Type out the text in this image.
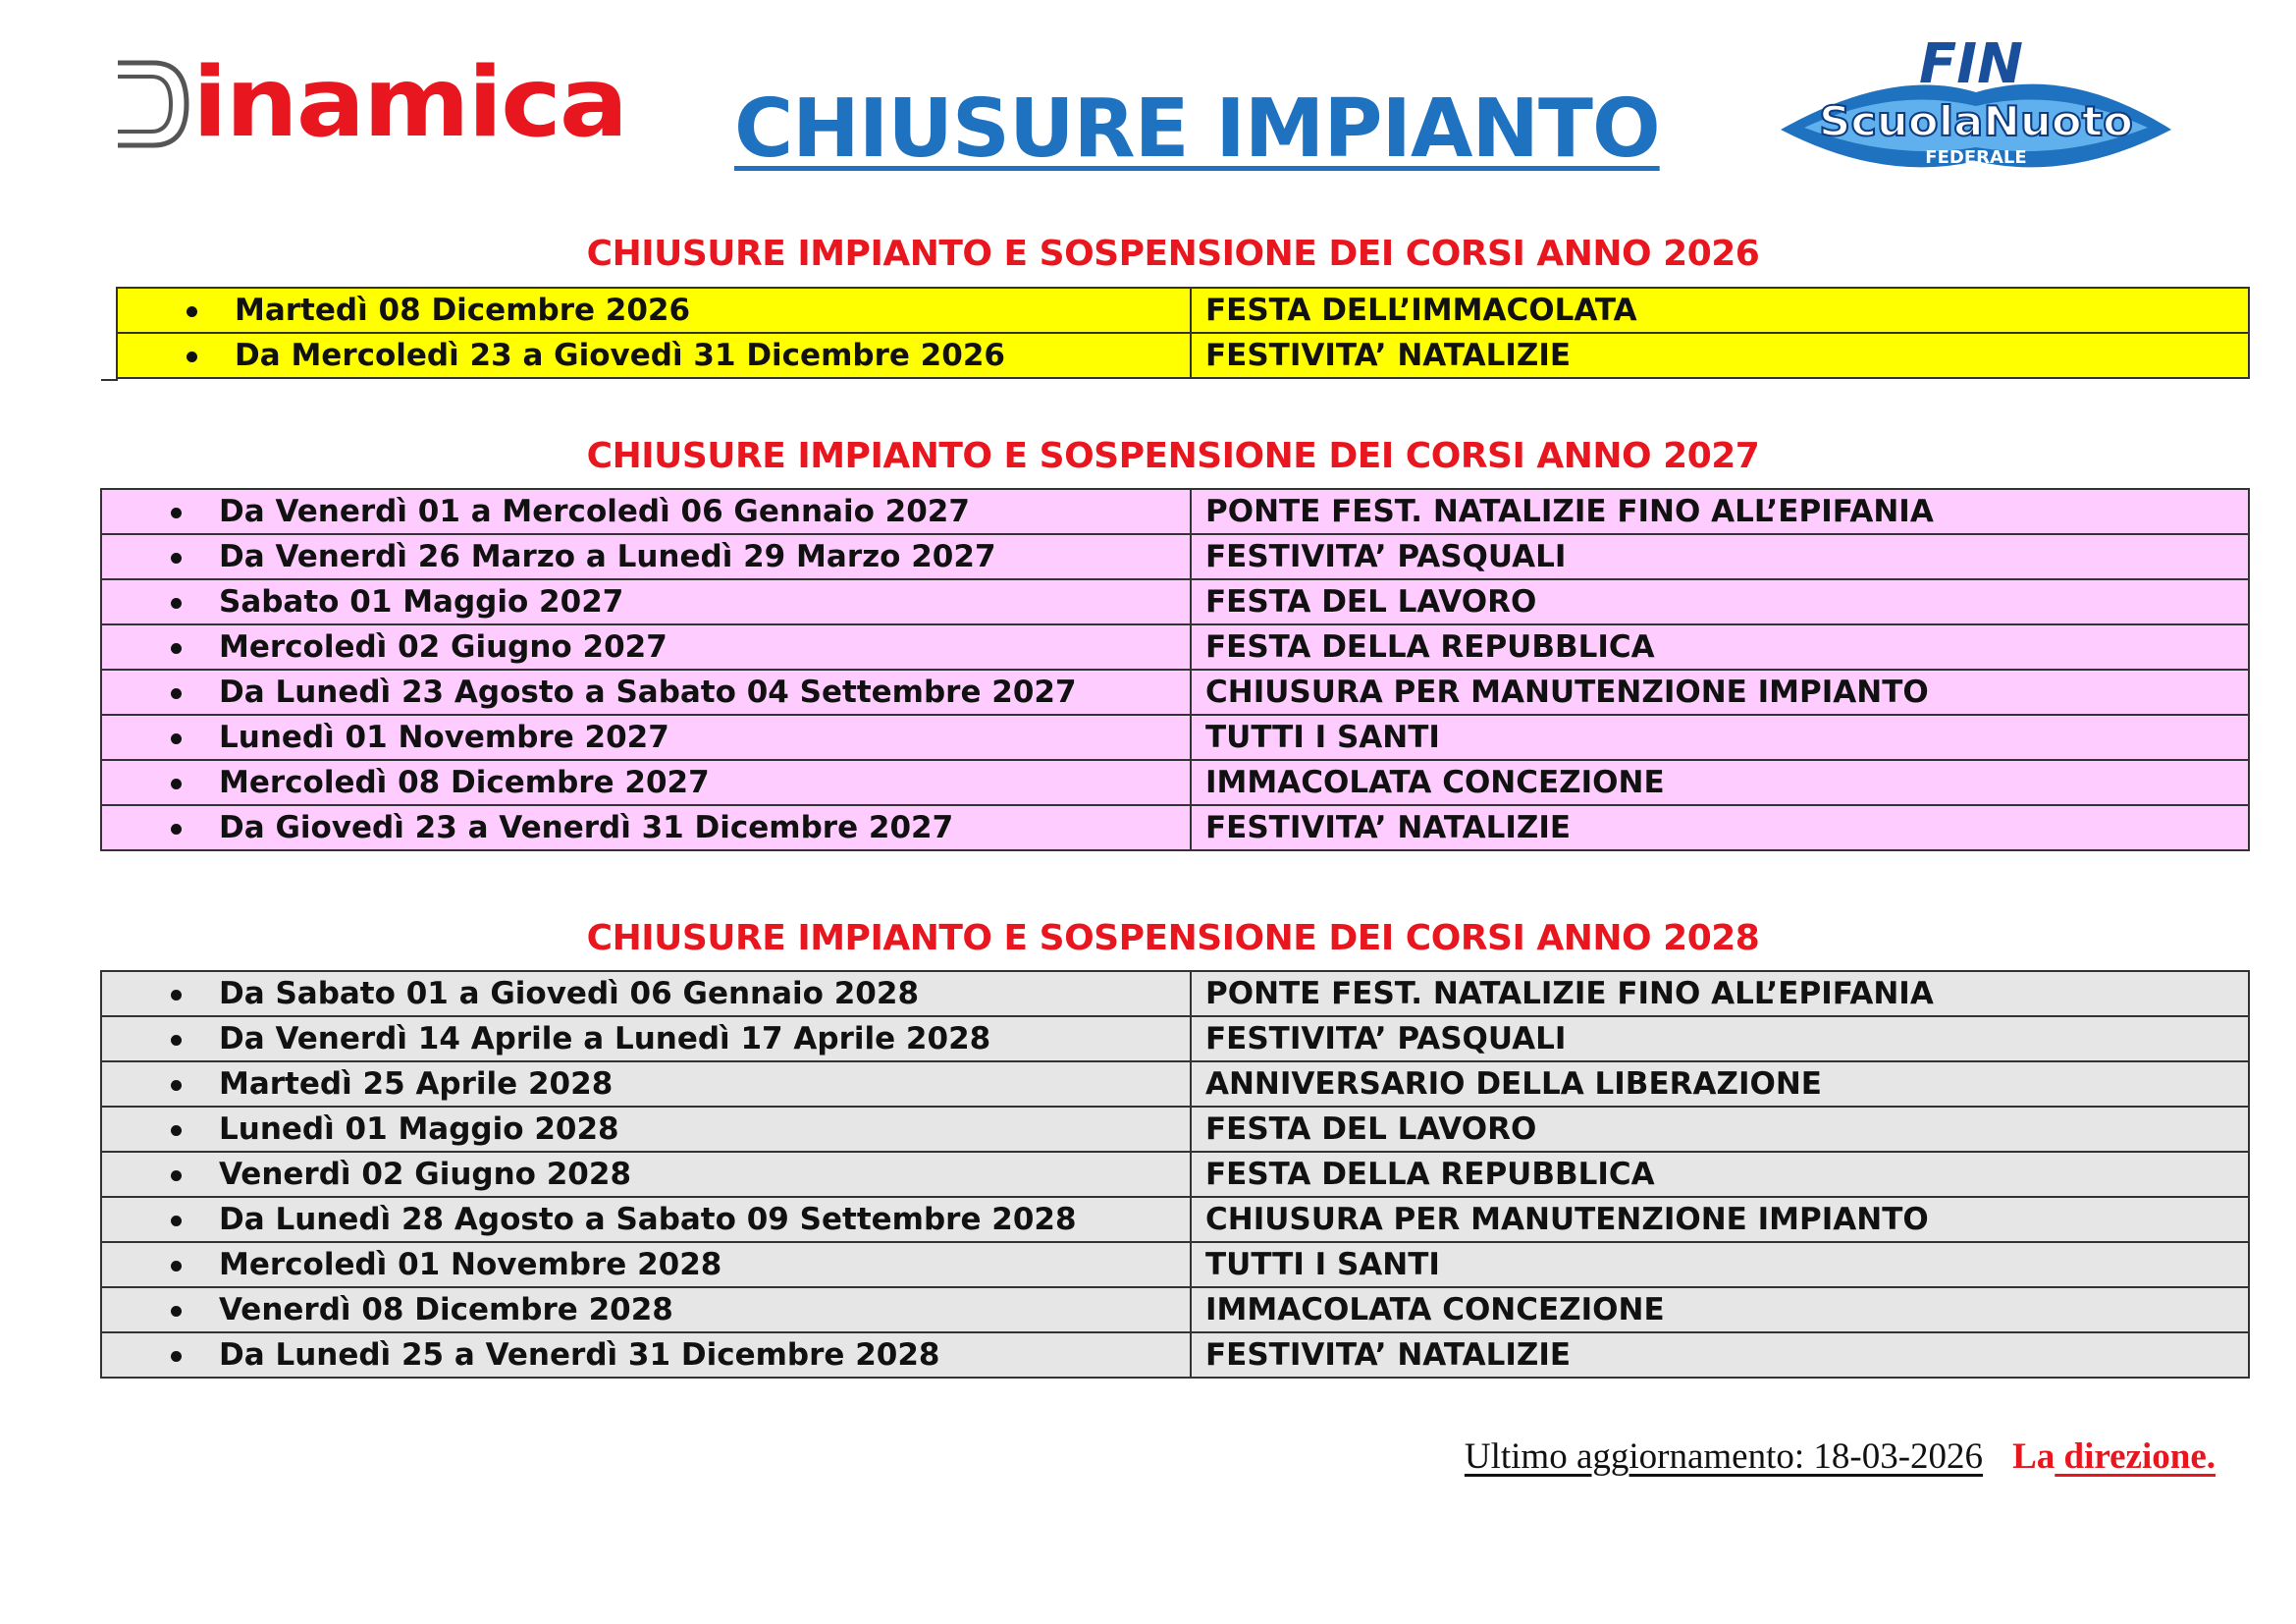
inamica CHIUSURE IMPIANTO
FIN
ScuolaNuoto
FEDERALE
CHIUSURE IMPIANTO E SOSPENSIONE DEI CORSI ANNO 2026
Martedì 08 Dicembre 2026	FESTA DELL’IMMACOLATA
Da Mercoledì 23 a Giovedì 31 Dicembre 2026	FESTIVITA’ NATALIZIE
CHIUSURE IMPIANTO E SOSPENSIONE DEI CORSI ANNO 2027
Da Venerdì 01 a Mercoledì 06 Gennaio 2027	PONTE FEST. NATALIZIE FINO ALL’EPIFANIA
Da Venerdì 26 Marzo a Lunedì 29 Marzo 2027	FESTIVITA’ PASQUALI
Sabato 01 Maggio 2027	FESTA DEL LAVORO
Mercoledì 02 Giugno 2027	FESTA DELLA REPUBBLICA
Da Lunedì 23 Agosto a Sabato 04 Settembre 2027	CHIUSURA PER MANUTENZIONE IMPIANTO
Lunedì 01 Novembre 2027	TUTTI I SANTI
Mercoledì 08 Dicembre 2027	IMMACOLATA CONCEZIONE
Da Giovedì 23 a Venerdì 31 Dicembre 2027	FESTIVITA’ NATALIZIE
CHIUSURE IMPIANTO E SOSPENSIONE DEI CORSI ANNO 2028
Da Sabato 01 a Giovedì 06 Gennaio 2028	PONTE FEST. NATALIZIE FINO ALL’EPIFANIA
Da Venerdì 14 Aprile a Lunedì 17 Aprile 2028	FESTIVITA’ PASQUALI
Martedì 25 Aprile 2028	ANNIVERSARIO DELLA LIBERAZIONE
Lunedì 01 Maggio 2028	FESTA DEL LAVORO
Venerdì 02 Giugno 2028	FESTA DELLA REPUBBLICA
Da Lunedì 28 Agosto a Sabato 09 Settembre 2028	CHIUSURA PER MANUTENZIONE IMPIANTO
Mercoledì 01 Novembre 2028	TUTTI I SANTI
Venerdì 08 Dicembre 2028	IMMACOLATA CONCEZIONE
Da Lunedì 25 a Venerdì 31 Dicembre 2028	FESTIVITA’ NATALIZIE
Ultimo aggiornamento: 18-03-2026 La direzione.
